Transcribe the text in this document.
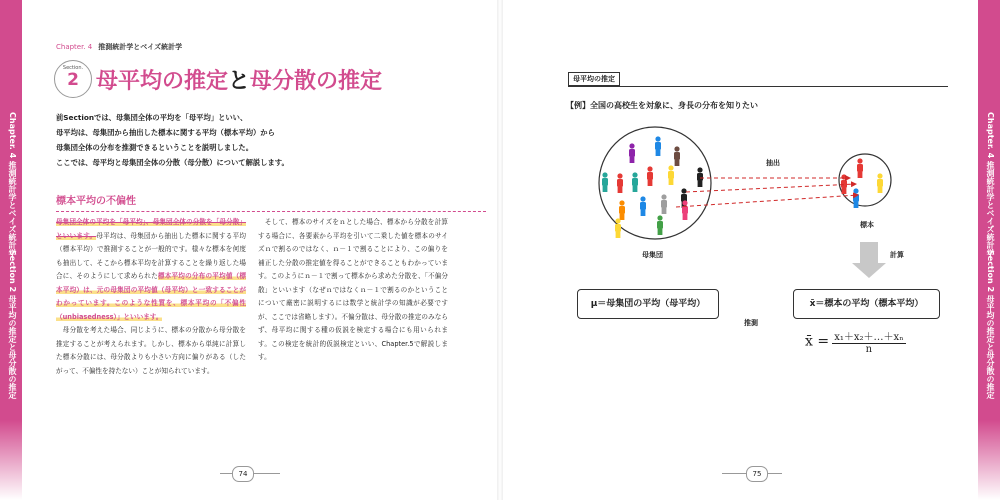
Chapter. 4 推測統計学とベイズ統計学
Section 2 母平均の推定と母分散の推定
Chapter. 4 推測統計学とベイズ統計学
Section 2 母平均の推定と母分散の推定
Chapter. 4 推測統計学とベイズ統計学
Section.
2 母平均の推定と母分散の推定

前Sectionでは、母集団全体の平均を「母平均」といい、

母平均は、母集団から抽出した標本に関する平均（標本平均）から

母集団全体の分布を推測できるということを説明しました。

ここでは、母平均と母集団全体の分散（母分散）について解説します。

標本平均の不偏性

母集団全体の平均を「母平均」、母集団全体の分散を「母分散」といいます。母平均は、母集団から抽出した標本に関する平均（標本平均）で推測することが一般的です。様々な標本を何度も抽出して、そこから標本平均を計算することを繰り返した場合に、そのようにして求められた標本平均の分布の平均値（標本平均）は、元の母集団の平均値（母平均）と一致することがわかっています。このような性質を、標本平均の「不偏性（unbiasedness）」といいます。

　母分散を考えた場合、同じように、標本の分散から母分散を推定することが考えられます。しかし、標本から単純に計算した標本分散には、母分散よりも小さい方向に偏りがある（したがって、不偏性を持たない）ことが知られています。

　そして、標本のサイズをｎとした場合、標本から分散を計算する場合に、各要素から平均を引いて二乗した値を標本のサイズｎで割るのではなく、ｎ－１で割ることにより、この偏りを補正した分散の推定値を得ることができることもわかっています。このようにｎ－１で割って標本から求めた分散を、「不偏分散」といいます（なぜｎではなくｎ－１で割るのかということについて厳密に説明するには数学と統計学の知識が必要ですが、ここでは省略します）。不偏分散は、母分散の推定のみならず、母平均に関する種の仮説を検定する場合にも用いられます。この検定を統計的仮説検定といい、Chapter.5で解説します。

74
母平均の推定
【例】全国の高校生を対象に、身長の分布を知りたい
抽出
標本
母集団	計算
推測
μ＝母集団の平均（母平均）	x̄＝標本の平均（標本平均）
x̄ = $\frac{\text{x₁＋x₂＋…＋xₙ}}{n}$
75
